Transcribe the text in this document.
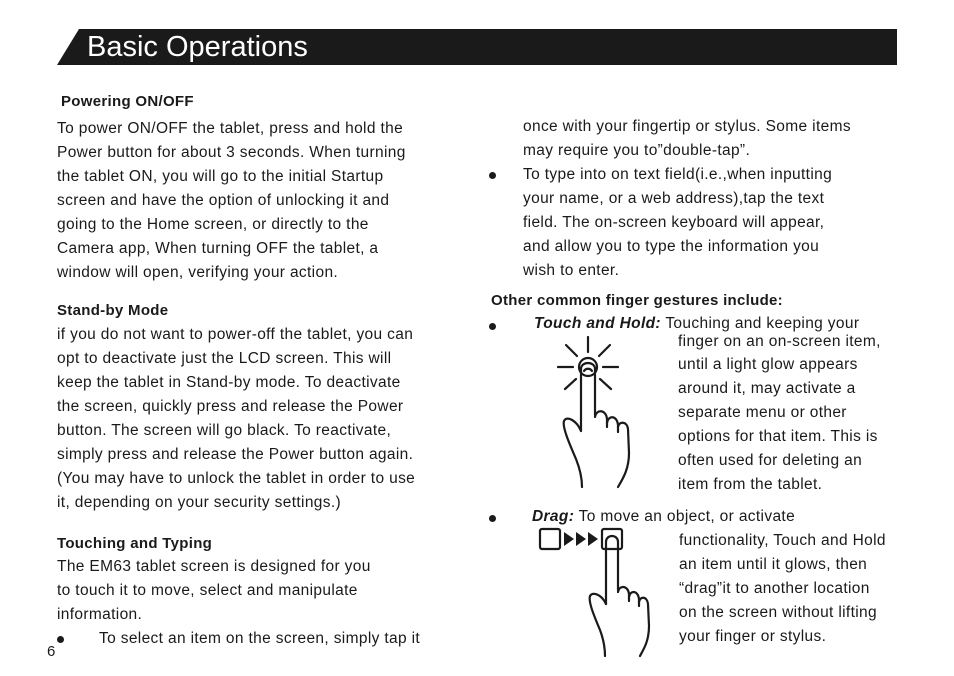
Basic Operations
Powering ON/OFF
To power ON/OFF the tablet, press and hold the
Power button for about 3 seconds. When turning
the tablet ON, you will go to the initial Startup
screen and have the option of unlocking it and
going to the Home screen, or directly to the
Camera app, When turning OFF the tablet, a
window will open, verifying your action.
Stand-by Mode
if you do not want to power-off the tablet, you can
opt to deactivate just the LCD screen. This will
keep the tablet in Stand-by mode. To deactivate
the screen, quickly press and release the Power
button. The screen will go black. To reactivate,
simply press and release the Power button again.
(You may have to unlock the tablet in order to use
it, depending on your security settings.)
Touching and Typing
The EM63 tablet screen is designed for you
to touch it to move, select and manipulate
information.
To select an item on the screen, simply tap it
6
once with your fingertip or stylus. Some items
may require you to”double-tap”.
To type into on text field(i.e.,when inputting
your name, or a web address),tap the text
field. The on-screen keyboard will appear,
and allow you to type the information you
wish to enter.
Other common finger gestures include:
Touch and Hold: Touching and keeping your
finger on an on-screen item,
until a light glow appears
around it, may activate a
separate menu or other
options for that item. This is
often used for deleting an
item from the tablet.
Drag: To move an object, or activate
functionality, Touch and Hold
an item until it glows, then
“drag”it to another location
on the screen without lifting
your finger or stylus.
